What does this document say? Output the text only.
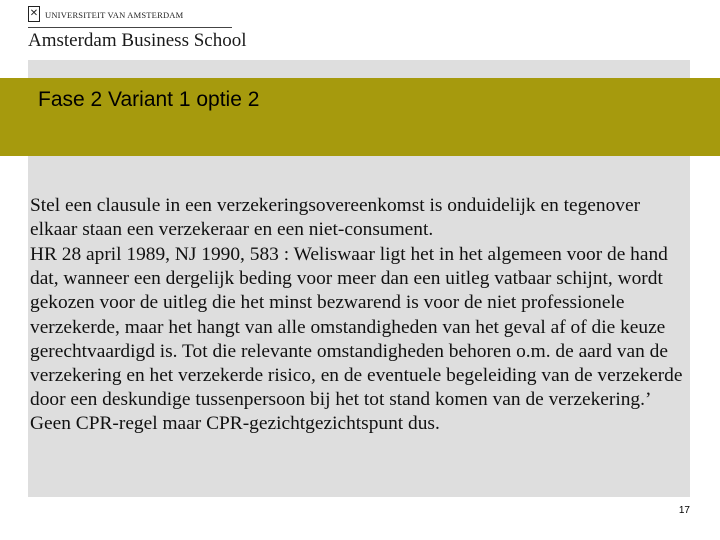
✕ UNIVERSITEIT VAN AMSTERDAM
Amsterdam Business School
Fase 2 Variant 1 optie 2

Stel een clausule in een verzekeringsovereenkomst is onduidelijk en tegenover elkaar staan een verzekeraar en een niet-consument.

HR 28 april 1989, NJ 1990, 583 : Weliswaar ligt het in het algemeen voor de hand dat, wanneer een dergelijk beding voor meer dan een uitleg vatbaar schijnt, wordt gekozen voor de uitleg die het minst bezwarend is voor de niet professionele verzekerde, maar het hangt van alle omstandigheden van het geval af of die keuze gerechtvaardigd is. Tot die relevante omstandigheden behoren o.m. de aard van de verzekering en het verzekerde risico, en de eventuele begeleiding van de verzekerde door een deskundige tussenpersoon bij het tot stand komen van de verzekering.’ Geen CPR-regel maar CPR-gezichtgezichtspunt dus.

17
